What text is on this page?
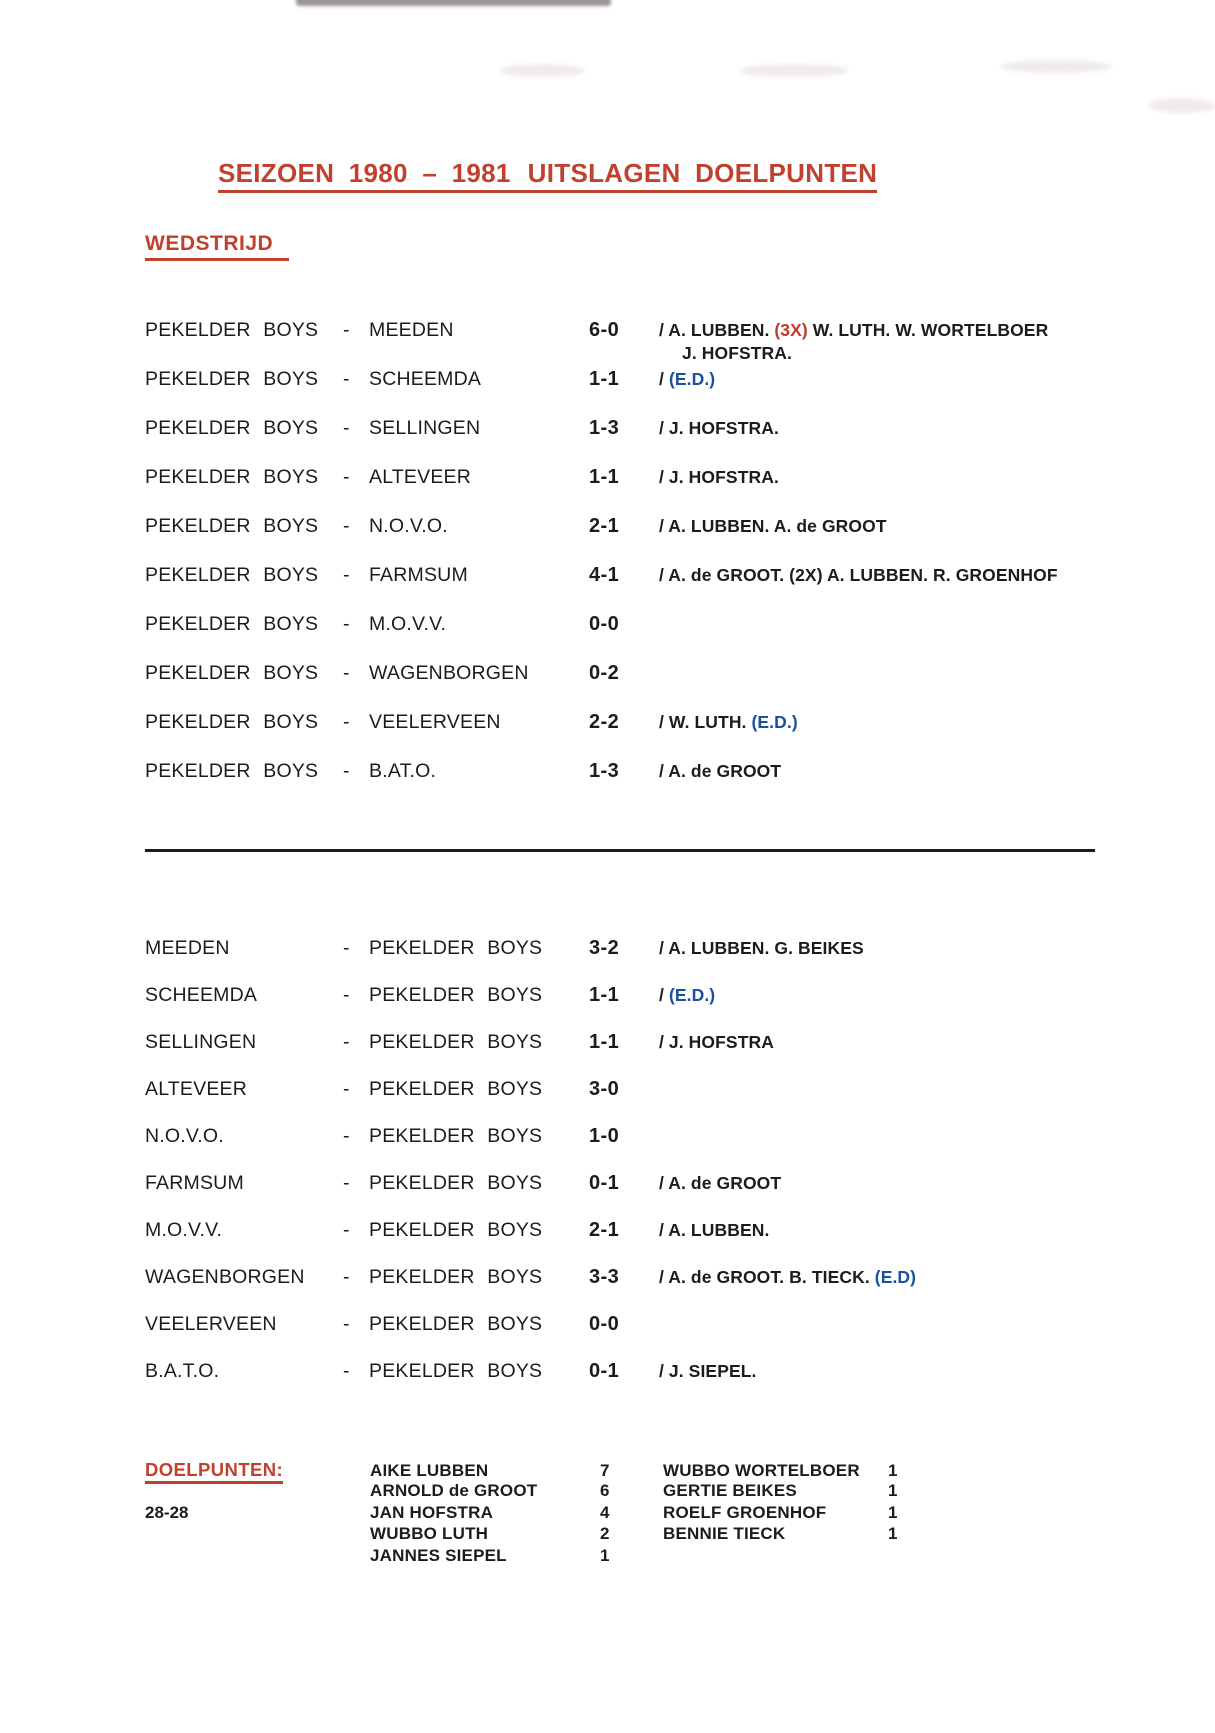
SEIZOEN 1980 – 1981 UITSLAGEN DOELPUNTEN
WEDSTRIJD
PEKELDER BOYS	-	MEEDEN	6-0	/ A. LUBBEN. (3X) W. LUTH. W. WORTELBOER
J. HOFSTRA.
PEKELDER BOYS	-	SCHEEMDA	1-1	/ (E.D.)
PEKELDER BOYS	-	SELLINGEN	1-3	/ J. HOFSTRA.
PEKELDER BOYS	-	ALTEVEER	1-1	/ J. HOFSTRA.
PEKELDER BOYS	-	N.O.V.O.	2-1	/ A. LUBBEN. A. de GROOT
PEKELDER BOYS	-	FARMSUM	4-1	/ A. de GROOT. (2X) A. LUBBEN. R. GROENHOF
PEKELDER BOYS	-	M.O.V.V.	0-0
PEKELDER BOYS	-	WAGENBORGEN	0-2
PEKELDER BOYS	-	VEELERVEEN	2-2	/ W. LUTH. (E.D.)
PEKELDER BOYS	-	B.AT.O.	1-3	/ A. de GROOT
MEEDEN	-	PEKELDER BOYS	3-2	/ A. LUBBEN. G. BEIKES
SCHEEMDA	-	PEKELDER BOYS	1-1	/ (E.D.)
SELLINGEN	-	PEKELDER BOYS	1-1	/ J. HOFSTRA
ALTEVEER	-	PEKELDER BOYS	3-0
N.O.V.O.	-	PEKELDER BOYS	1-0
FARMSUM	-	PEKELDER BOYS	0-1	/ A. de GROOT
M.O.V.V.	-	PEKELDER BOYS	2-1	/ A. LUBBEN.
WAGENBORGEN	-	PEKELDER BOYS	3-3	/ A. de GROOT. B. TIECK. (E.D)
VEELERVEEN	-	PEKELDER BOYS	0-0
B.A.T.O.	-	PEKELDER BOYS	0-1	/ J. SIEPEL.
DOELPUNTEN:	AIKE LUBBEN	7	WUBBO WORTELBOER	1
ARNOLD de GROOT	6	GERTIE BEIKES	1
28-28	JAN HOFSTRA	4	ROELF GROENHOF	1
WUBBO LUTH	2	BENNIE TIECK	1
JANNES SIEPEL	1
